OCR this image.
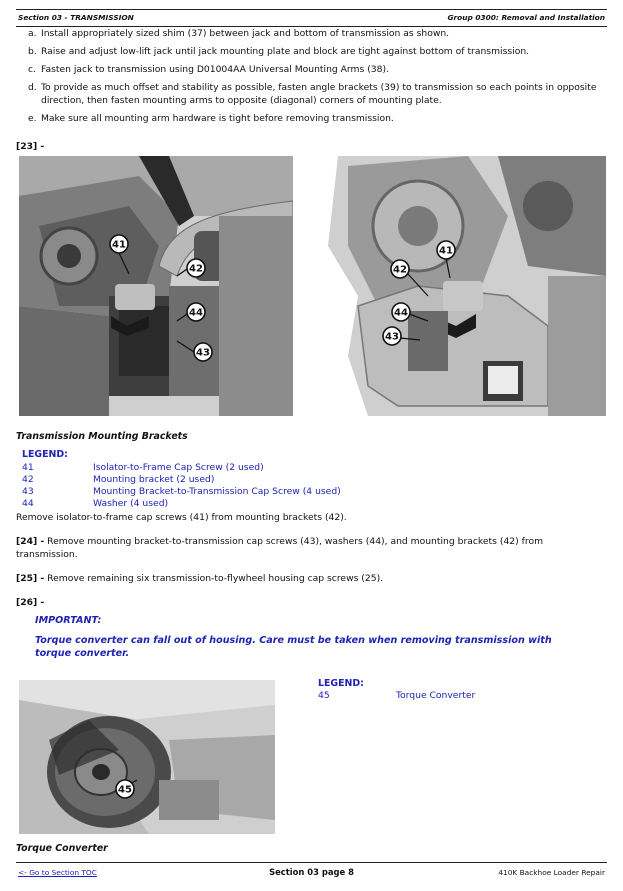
Section 03 - TRANSMISSION	Group 0300: Removal and Installation
a. Install appropriately sized shim (37) between jack and bottom of transmission as shown.
b. Raise and adjust low-lift jack until jack mounting plate and block are tight against bottom of transmission.
c. Fasten jack to transmission using D01004AA Universal Mounting Arms (38).
d. To provide as much offset and stability as possible, fasten angle brackets (39) to transmission so each points in opposite direction, then fasten mounting arms to opposite (diagonal) corners of mounting plate.
e. Make sure all mounting arm hardware is tight before removing transmission.
[23] -
41
42
44
43
41
42
44
43
Transmission Mounting Brackets
LEGEND:
41	Isolator-to-Frame Cap Screw (2 used)
42	Mounting bracket (2 used)
43	Mounting Bracket-to-Transmission Cap Screw (4 used)
44	Washer (4 used)
Remove isolator-to-frame cap screws (41) from mounting brackets (42).
[24] - Remove mounting bracket-to-transmission cap screws (43), washers (44), and mounting brackets (42) from transmission.
[25] - Remove remaining six transmission-to-flywheel housing cap screws (25).
[26] -
IMPORTANT:
Torque converter can fall out of housing. Care must be taken when removing transmission with torque converter.
45
LEGEND:
45	Torque Converter
Torque Converter
<- Go to Section TOC	Section 03 page 8	410K Backhoe Loader Repair
